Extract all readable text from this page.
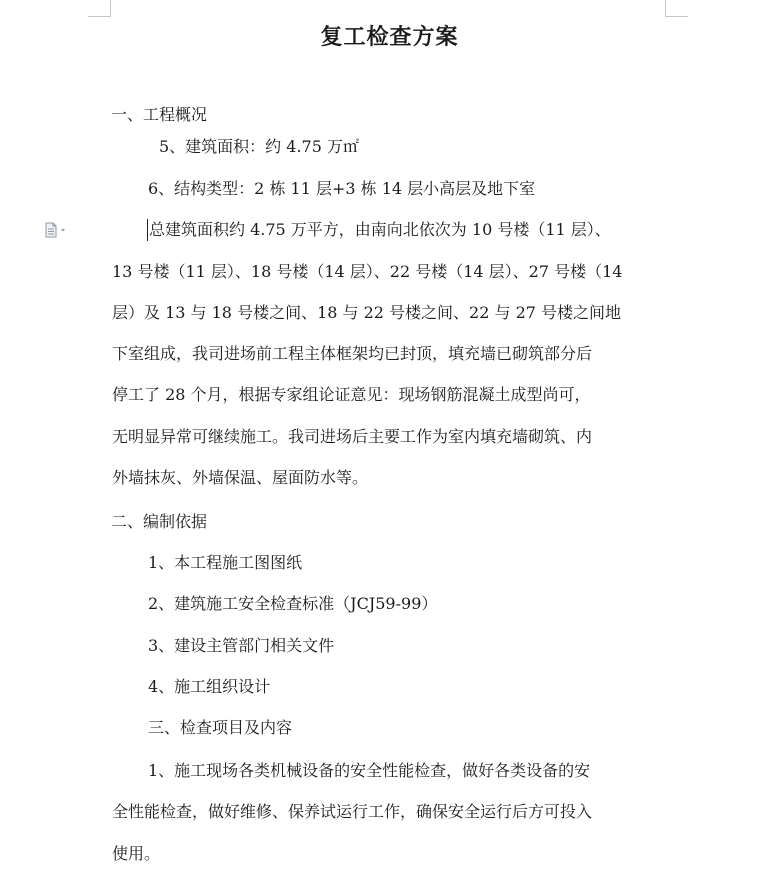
复工检查方案
一、工程概况
5、建筑面积：约 4.75 万㎡
6、结构类型：2 栋 11 层+3 栋 14 层小高层及地下室
总建筑面积约 4.75 万平方，由南向北依次为 10 号楼（11 层）、
13 号楼（11 层）、18 号楼（14 层）、22 号楼（14 层）、27 号楼（14
层）及 13 与 18 号楼之间、18 与 22 号楼之间、22 与 27 号楼之间地
下室组成，我司进场前工程主体框架均已封顶，填充墙已砌筑部分后
停工了 28 个月，根据专家组论证意见：现场钢筋混凝土成型尚可，
无明显异常可继续施工。我司进场后主要工作为室内填充墙砌筑、内
外墙抹灰、外墙保温、屋面防水等。
二、编制依据
1、本工程施工图图纸
2、建筑施工安全检查标准（JCJ59-99）
3、建设主管部门相关文件
4、施工组织设计
三、检查项目及内容
1、施工现场各类机械设备的安全性能检查，做好各类设备的安
全性能检查，做好维修、保养试运行工作，确保安全运行后方可投入
使用。
